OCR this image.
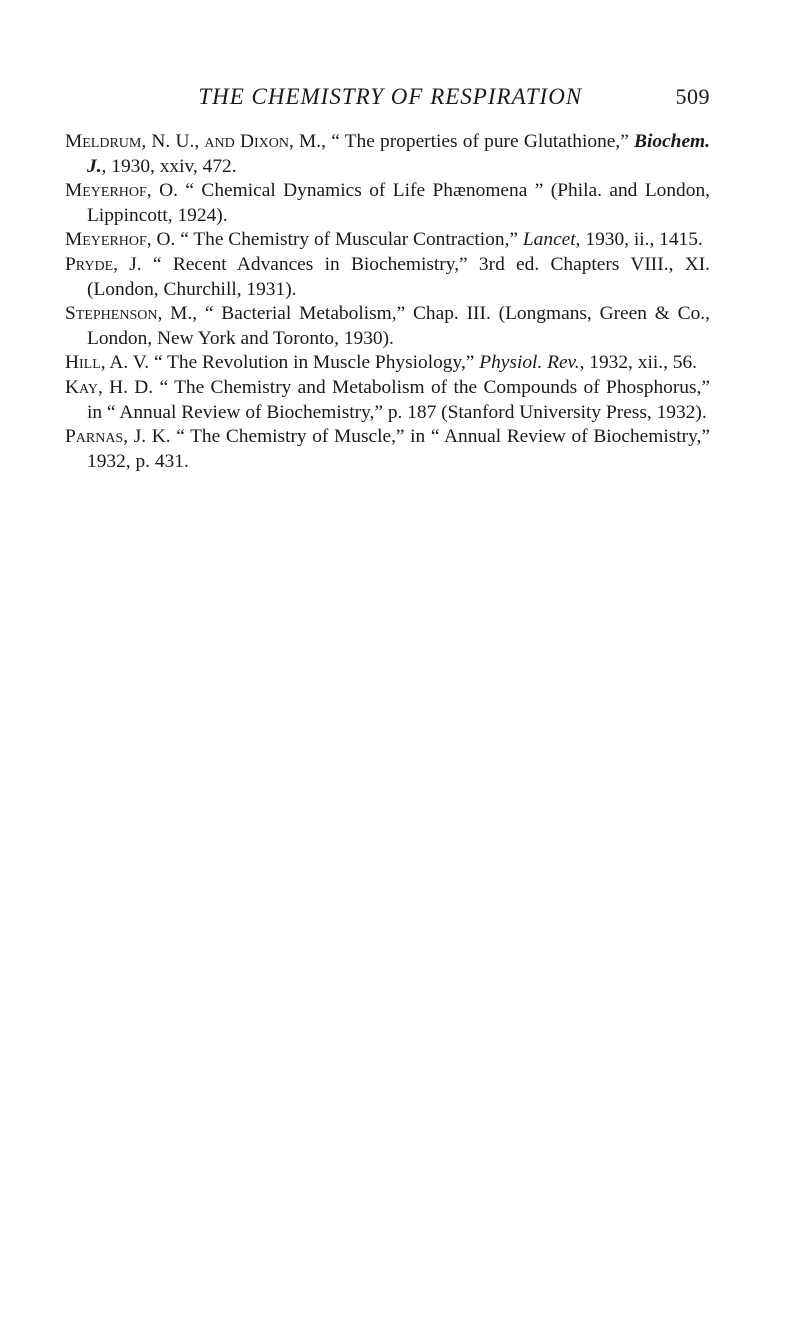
THE CHEMISTRY OF RESPIRATION	509

Meldrum, N. U., and Dixon, M., “ The properties of pure Glutathione,” Biochem. J., 1930, xxiv, 472.

Meyerhof, O. “ Chemical Dynamics of Life Phænomena ” (Phila. and London, Lippincott, 1924).

Meyerhof, O. “ The Chemistry of Muscular Contraction,” Lancet, 1930, ii., 1415.

Pryde, J. “ Recent Advances in Biochemistry,” 3rd ed. Chapters VIII., XI. (London, Churchill, 1931).

Stephenson, M., “ Bacterial Metabolism,” Chap. III. (Longmans, Green & Co., London, New York and Toronto, 1930).

Hill, A. V. “ The Revolution in Muscle Physiology,” Physiol. Rev., 1932, xii., 56.

Kay, H. D. “ The Chemistry and Metabolism of the Compounds of Phosphorus,” in “ Annual Review of Biochemistry,” p. 187 (Stanford University Press, 1932).

Parnas, J. K. “ The Chemistry of Muscle,” in “ Annual Review of Biochemistry,” 1932, p. 431.
